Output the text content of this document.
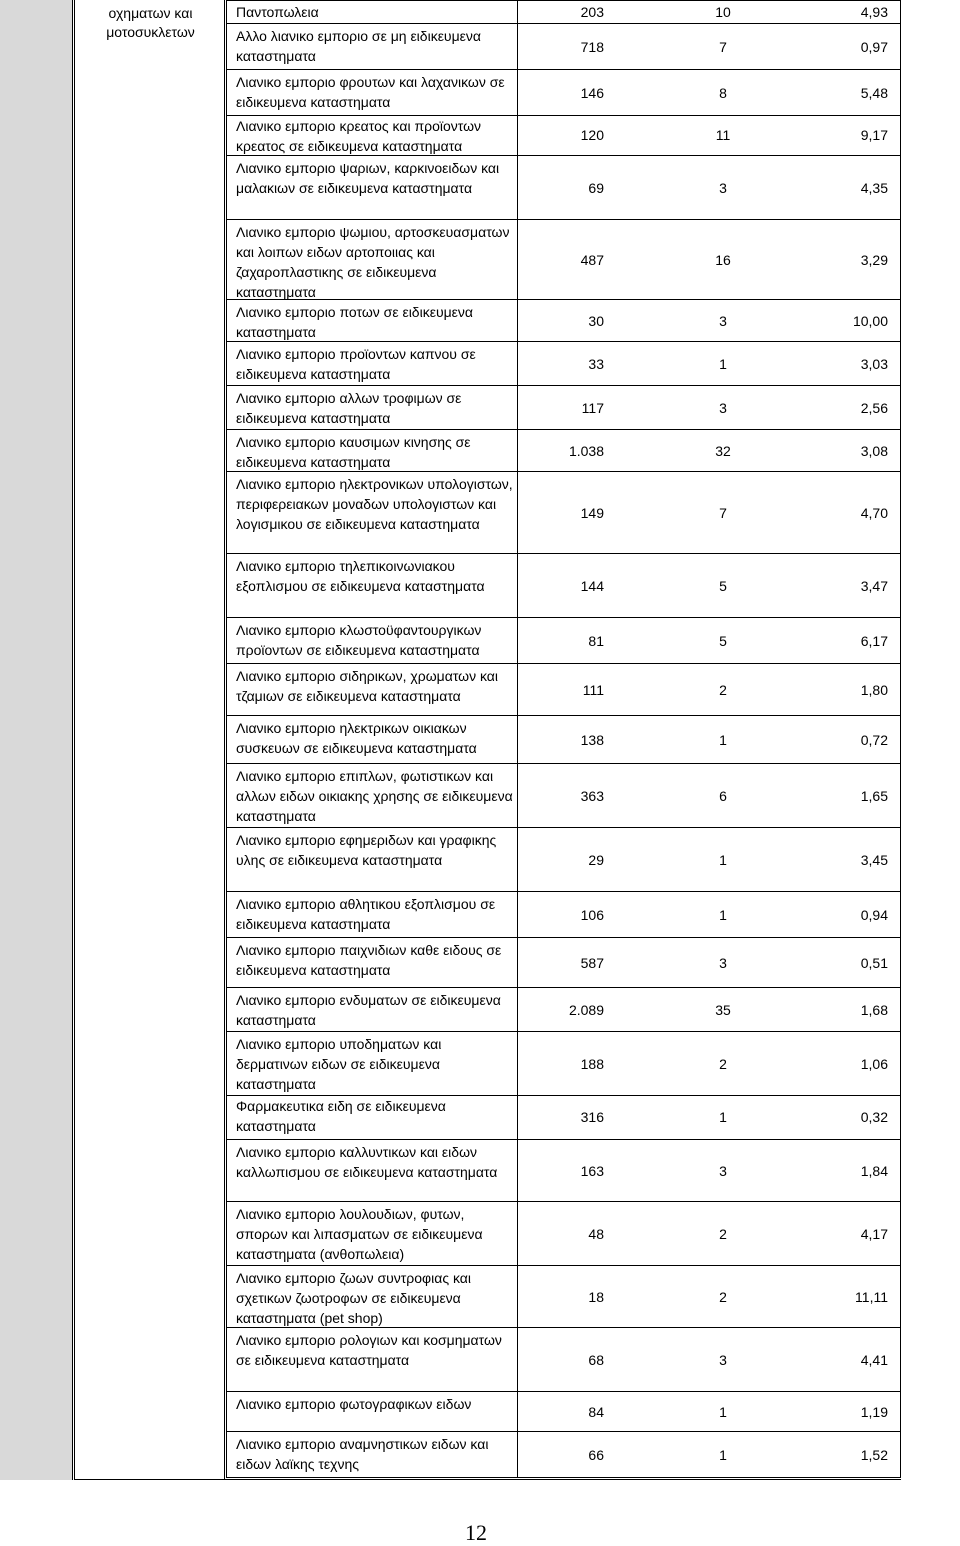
οχηματων και μοτοσυκλετων
Παντοπωλεια	203	10	4,93
Αλλο λιανικο εμποριο σε μη ειδικευμενα καταστηματα
718	7	0,97
Λιανικο εμποριο φρουτων και λαχανικων σε ειδικευμενα καταστηματα
146	8	5,48
Λιανικο εμποριο κρεατος και προϊοντων κρεατος σε ειδικευμενα καταστηματα
120	11	9,17
Λιανικο εμποριο ψαριων, καρκινοειδων και μαλακιων σε ειδικευμενα καταστηματα	69	3	4,35
Λιανικο εμποριο ψωμιου, αρτοσκευασματων και λοιπων ειδων αρτοποιιας και ζαχαροπλαστικης σε ειδικευμενα καταστηματα
487	16	3,29
Λιανικο εμποριο ποτων σε ειδικευμενα καταστηματα
30	3	10,00
Λιανικο εμποριο προϊοντων καπνου σε ειδικευμενα καταστηματα
33	1	3,03
Λιανικο εμποριο αλλων τροφιμων σε ειδικευμενα καταστηματα
117	3	2,56
Λιανικο εμποριο καυσιμων κινησης σε ειδικευμενα καταστηματα
1.038	32	3,08
Λιανικο εμποριο ηλεκτρονικων υπολογιστων, περιφερειακων μοναδων υπολογιστων και λογισμικου σε ειδικευμενα καταστηματα
149	7	4,70
Λιανικο εμποριο τηλεπικοινωνιακου εξοπλισμου σε ειδικευμενα καταστηματα	144	5	3,47
Λιανικο εμποριο κλωστοϋφαντουργικων προϊοντων σε ειδικευμενα καταστηματα
81	5	6,17
Λιανικο εμποριο σιδηρικων, χρωματων και τζαμιων σε ειδικευμενα καταστηματα	111	2	1,80
Λιανικο εμποριο ηλεκτρικων οικιακων συσκευων σε ειδικευμενα καταστηματα	138	1	0,72
Λιανικο εμποριο επιπλων, φωτιστικων και αλλων ειδων οικιακης χρησης σε ειδικευμενα καταστηματα
363	6	1,65
Λιανικο εμποριο εφημεριδων και γραφικης υλης σε ειδικευμενα καταστηματα	29	1	3,45
Λιανικο εμποριο αθλητικου εξοπλισμου σε ειδικευμενα καταστηματα
106	1	0,94
Λιανικο εμποριο παιχνιδιων καθε ειδους σε ειδικευμενα καταστηματα	587	3	0,51
Λιανικο εμποριο ενδυματων σε ειδικευμενα καταστηματα
2.089	35	1,68
Λιανικο εμποριο υποδηματων και δερματινων ειδων σε ειδικευμενα καταστηματα
188	2	1,06
Φαρμακευτικα ειδη σε ειδικευμενα καταστηματα
316	1	0,32
Λιανικο εμποριο καλλυντικων και ειδων καλλωπισμου σε ειδικευμενα καταστηματα	163	3	1,84
Λιανικο εμποριο λουλουδιων, φυτων, σπορων και λιπασματων σε ειδικευμενα καταστηματα (ανθοπωλεια)
48	2	4,17
Λιανικο εμποριο ζωων συντροφιας και σχετικων ζωοτροφων σε ειδικευμενα καταστηματα (pet shop)
18	2	11,11
Λιανικο εμποριο ρολογιων και κοσμηματων σε ειδικευμενα καταστηματα	68	3	4,41
Λιανικο εμποριο φωτογραφικων ειδων	84	1	1,19
Λιανικο εμποριο αναμνηστικων ειδων και ειδων λαϊκης τεχνης
66	1	1,52
12
